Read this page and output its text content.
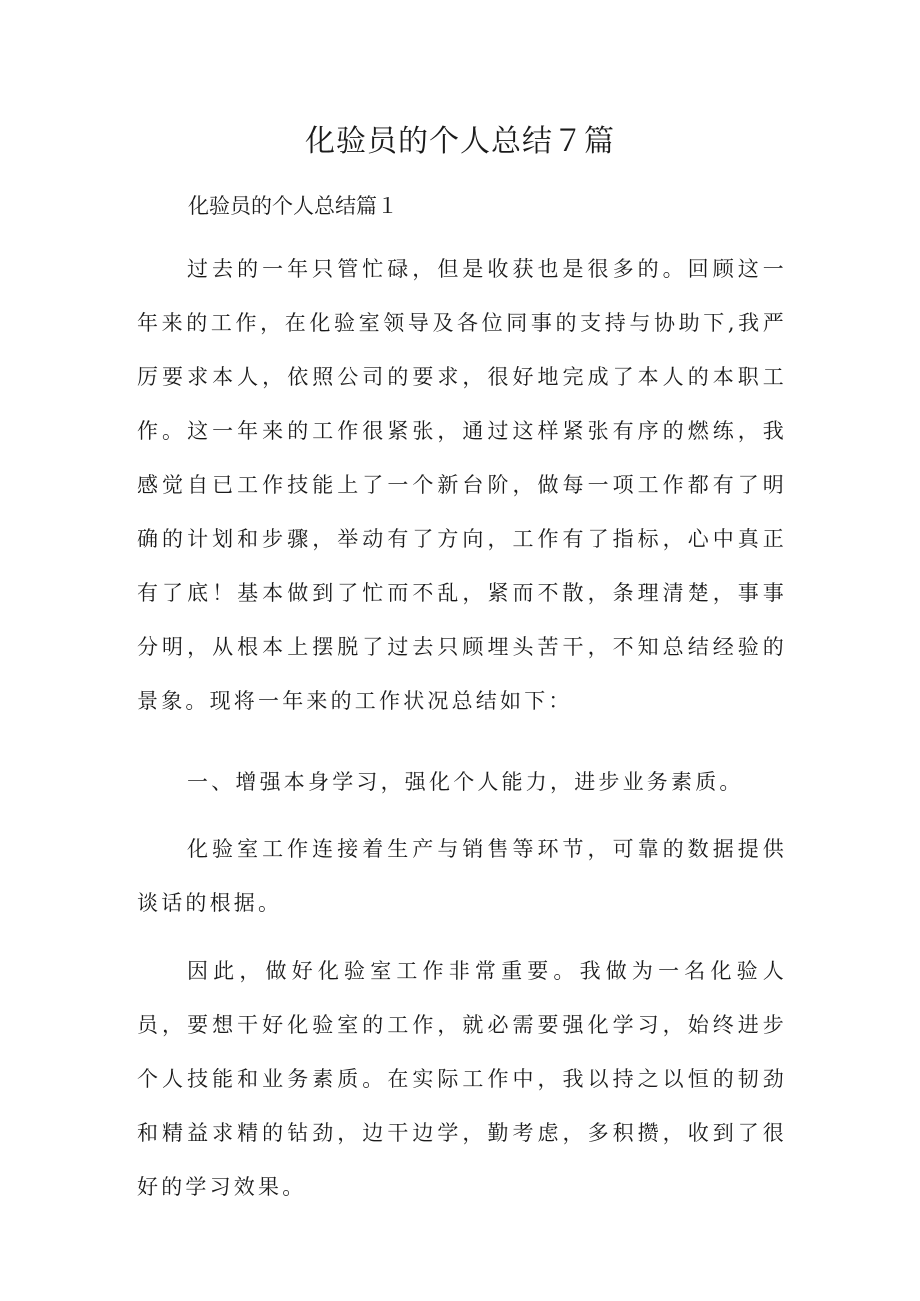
化验员的个人总结７篇

化验员的个人总结篇１

过去的一年只管忙碌，但是收获也是很多的。回顾这一年来的工作，在化验室领导及各位同事的支持与协助下,我严厉要求本人，依照公司的要求，很好地完成了本人的本职工作。这一年来的工作很紧张，通过这样紧张有序的燃练，我感觉自已工作技能上了一个新台阶，做每一项工作都有了明确的计划和步骤，举动有了方向，工作有了指标，心中真正有了底！基本做到了忙而不乱，紧而不散，条理清楚，事事分明，从根本上摆脱了过去只顾埋头苦干，不知总结经验的景象。现将一年来的工作状况总结如下：

一、增强本身学习，强化个人能力，进步业务素质。

化验室工作连接着生产与销售等环节，可靠的数据提供谈话的根据。

因此，做好化验室工作非常重要。我做为一名化验人员，要想干好化验室的工作，就必需要强化学习，始终进步个人技能和业务素质。在实际工作中，我以持之以恒的韧劲和精益求精的钻劲，边干边学，勤考虑，多积攒，收到了很好的学习效果。
